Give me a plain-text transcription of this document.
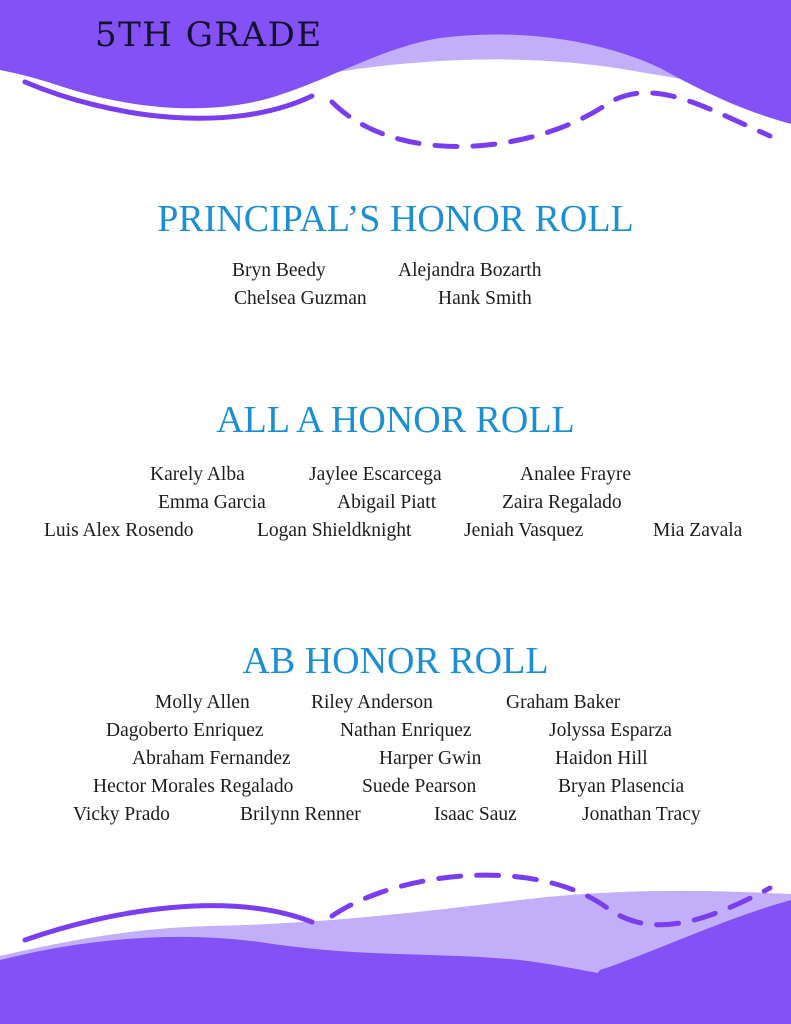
5TH GRADE
PRINCIPAL’S HONOR ROLL
Bryn Beedy	Alejandra Bozarth
Chelsea Guzman	Hank Smith
ALL A HONOR ROLL
Karely Alba	Jaylee Escarcega	Analee Frayre
Emma Garcia	Abigail Piatt	Zaira Regalado
Luis Alex Rosendo	Logan Shieldknight	Jeniah Vasquez	Mia Zavala
AB HONOR ROLL
Molly Allen	Riley Anderson	Graham Baker
Dagoberto Enriquez	Nathan Enriquez	Jolyssa Esparza
Abraham Fernandez	Harper Gwin	Haidon Hill
Hector Morales Regalado	Suede Pearson	Bryan Plasencia
Vicky Prado	Brilynn Renner	Isaac Sauz	Jonathan Tracy
